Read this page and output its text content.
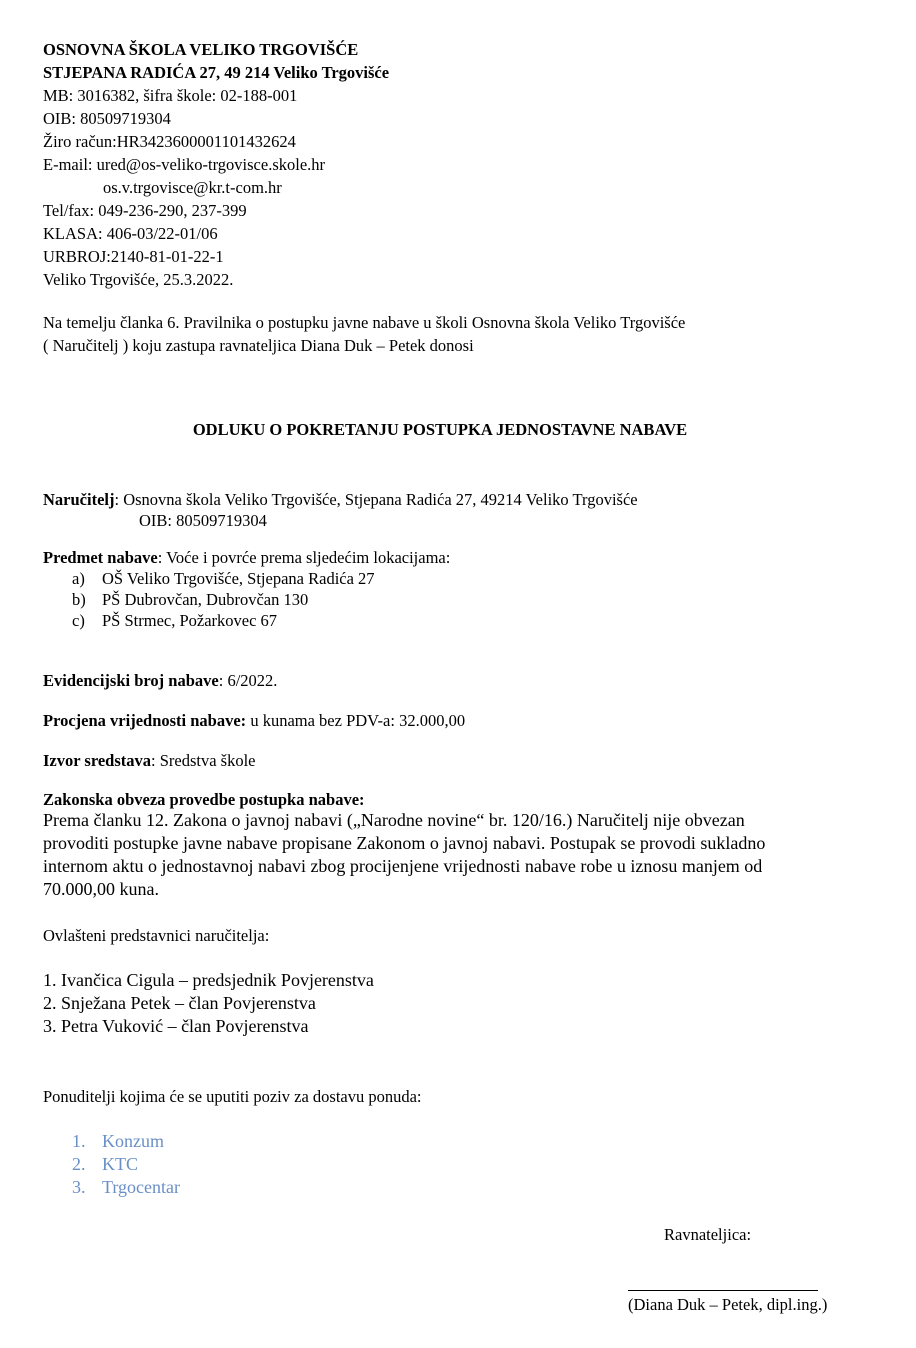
OSNOVNA ŠKOLA VELIKO TRGOVIŠĆE
STJEPANA RADIĆA 27, 49 214 Veliko Trgovišće
MB: 3016382, šifra škole: 02-188-001
OIB: 80509719304
Žiro račun:HR3423600001101432624
E-mail: ured@os-veliko-trgovisce.skole.hr
os.v.trgovisce@kr.t-com.hr
Tel/fax: 049-236-290, 237-399
KLASA: 406-03/22-01/06
URBROJ:2140-81-01-22-1
Veliko Trgovišće, 25.3.2022.
Na temelju članka 6. Pravilnika o postupku javne nabave u školi Osnovna škola Veliko Trgovišće
( Naručitelj ) koju zastupa ravnateljica Diana Duk – Petek donosi
ODLUKU O POKRETANJU POSTUPKA JEDNOSTAVNE NABAVE
Naručitelj: Osnovna škola Veliko Trgovišće, Stjepana Radića 27, 49214 Veliko Trgovišće
OIB: 80509719304
Predmet nabave: Voće i povrće prema sljedećim lokacijama:
a) OŠ Veliko Trgovišće, Stjepana Radića 27
b) PŠ Dubrovčan, Dubrovčan 130
c) PŠ Strmec, Požarkovec 67
Evidencijski broj nabave: 6/2022.
Procjena vrijednosti nabave: u kunama bez PDV-a: 32.000,00
Izvor sredstava: Sredstva škole
Zakonska obveza provedbe postupka nabave:
Prema članku 12. Zakona o javnoj nabavi („Narodne novine“ br. 120/16.) Naručitelj nije obvezan
provoditi postupke javne nabave propisane Zakonom o javnoj nabavi. Postupak se provodi sukladno
internom aktu o jednostavnoj nabavi zbog procijenjene vrijednosti nabave robe u iznosu manjem od
70.000,00 kuna.
Ovlašteni predstavnici naručitelja:
1. Ivančica Cigula – predsjednik Povjerenstva
2. Snježana Petek – član Povjerenstva
3. Petra Vuković – član Povjerenstva
Ponuditelji kojima će se uputiti poziv za dostavu ponuda:
1. Konzum
2. KTC
3. Trgocentar
Ravnateljica:
(Diana Duk – Petek, dipl.ing.)
